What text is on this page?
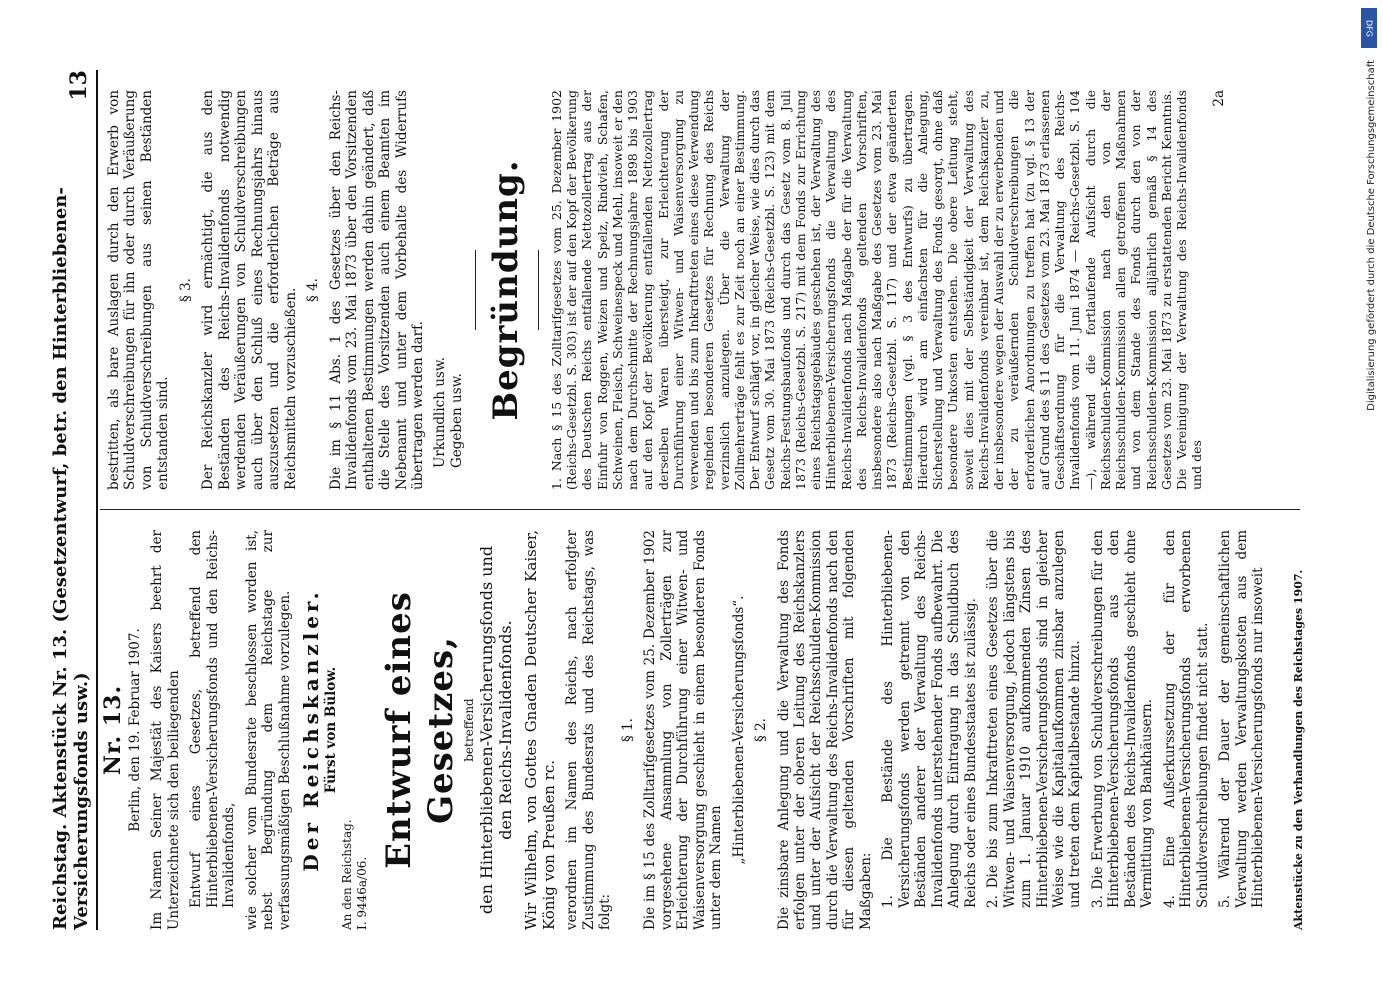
Reichstag. Aktenstück Nr. 13. (Gesetzentwurf, betr. den Hinterbliebenen-Versicherungsfonds usw.)
13
Nr. 13. Berlin, den 19. Februar 1907. Im Namen Seiner Majestät des Kaisers beehrt der Unterzeichnete sich den beiliegenden Entwurf eines Gesetzes, betreffend den Hinterbliebenen-Versicherungsfonds und den Reichs-Invalidenfonds, wie solcher vom Bundesrate beschlossen worden ist, nebst Begründung dem Reichstage zur verfassungsmäßigen Beschlußnahme vorzulegen. Der Reichskanzler. Fürst von Bülow.
An den Reichstag. I. 9446a/06.
Entwurf eines Gesetzes, betreffend den Hinterbliebenen-Versicherungsfonds und den Reichs-Invalidenfonds. Wir Wilhelm, von Gottes Gnaden Deutscher Kaiser, König von Preußen rc. verordnen im Namen des Reichs, nach erfolgter Zustimmung des Bundesrats und des Reichstags, was folgt:
§ 1. Die im § 15 des Zolltarifgesetzes vom 25. Dezember 1902 vorgesehene Ansammlung von Zollerträgen zur Erleichterung der Durchführung einer Witwen- und Waisenversorgung geschieht in einem besonderen Fonds unter dem Namen
„Hinterbliebenen-Versicherungsfonds“. § 2. Die zinsbare Anlegung und die Verwaltung des Fonds erfolgen unter der oberen Leitung des Reichskanzlers und unter der Aufsicht der Reichsschulden-Kommission durch die Verwaltung des Reichs-Invalidenfonds nach den für diesen geltenden Vorschriften mit folgenden Maßgaben: 1. Die Bestände des Hinterbliebenen-Versicherungsfonds werden getrennt von den Beständen anderer der Verwaltung des Reichs-Invalidenfonds unterstehender Fonds aufbewahrt. Die Anlegung durch Eintragung in das Schuldbuch des Reichs oder eines Bundesstaates ist zulässig. 2. Die bis zum Inkrafttreten eines Gesetzes über die Witwen- und Waisenversorgung, jedoch längstens bis zum 1. Januar 1910 aufkommenden Zinsen des Hinterbliebenen-Versicherungsfonds sind in gleicher Weise wie die Kapitalaufkommen zinsbar anzulegen und treten dem Kapitalbestande hinzu. 3. Die Erwerbung von Schuldverschreibungen für den Hinterbliebenen-Versicherungsfonds aus den Beständen des Reichs-Invalidenfonds geschieht ohne Vermittlung von Bankhäusern. 4. Eine Außerkurssetzung der für den Hinterbliebenen-Versicherungsfonds erworbenen Schuldverschreibungen findet nicht statt. 5. Während der Dauer der gemeinschaftlichen Verwaltung werden Verwaltungskosten aus dem Hinterbliebenen-Versicherungsfonds nur insoweit
bestritten, als bare Auslagen durch den Erwerb von Schuldverschreibungen für ihn oder durch Veräußerung von Schuldverschreibungen aus seinen Beständen entstanden sind.
§ 3. Der Reichskanzler wird ermächtigt, die aus den Beständen des Reichs-Invalidenfonds notwendig werdenden Veräußerungen von Schuldverschreibungen auch über den Schluß eines Rechnungsjahrs hinaus auszusetzen und die erforderlichen Beträge aus Reichsmitteln vorzuschießen. § 4. Die im § 11 Abs. 1 des Gesetzes über den Reichs-Invalidenfonds vom 23. Mai 1873 über den Vorsitzenden enthaltenen Bestimmungen werden dahin geändert, daß die Stelle des Vorsitzenden auch einem Beamten im Nebenamt und unter dem Vorbehalte des Widerrufs übertragen werden darf. Urkundlich usw. Gegeben usw. Begründung. 1. Nach § 15 des Zolltarifgesetzes vom 25. Dezember 1902 (Reichs-Gesetzbl. S. 303) ist der auf den Kopf der Bevölkerung des Deutschen Reichs entfallende Nettozollertrag aus der Einfuhr von Roggen, Weizen und Spelz, Rindvieh, Schafen, Schweinen, Fleisch, Schweinespeck und Mehl, insoweit er den nach dem Durchschnitte der Rechnungsjahre 1898 bis 1903 auf den Kopf der Bevölkerung entfallenden Nettozollertrag derselben Waren übersteigt, zur Erleichterung der Durchführung einer Witwen- und Waisenversorgung zu verwenden und bis zum Inkrafttreten eines diese Verwendung regelnden besonderen Gesetzes für Rechnung des Reichs verzinslich anzulegen. Über die Verwaltung der Zollmehrerträge fehlt es zur Zeit noch an einer Bestimmung. Der Entwurf schlägt vor, in gleicher Weise, wie dies durch das Gesetz vom 30. Mai 1873 (Reichs-Gesetzbl. S. 123) mit dem Reichs-Festungsbaufonds und durch das Gesetz vom 8. Juli 1873 (Reichs-Gesetzbl. S. 217) mit dem Fonds zur Errichtung eines Reichstagsgebäudes geschehen ist, der Verwaltung des Hinterbliebenen-Versicherungsfonds die Verwaltung des Reichs-Invalidenfonds nach Maßgabe der für die Verwaltung des Reichs-Invalidenfonds geltenden Vorschriften, insbesondere also nach Maßgabe des Gesetzes vom 23. Mai 1873 (Reichs-Gesetzbl. S. 117) und der etwa geänderten Bestimmungen (vgl. § 3 des Entwurfs) zu übertragen. Hierdurch wird am einfachsten für die Anlegung, Sicherstellung und Verwaltung des Fonds gesorgt, ohne daß besondere Unkosten entstehen. Die obere Leitung steht, soweit dies mit der Selbständigkeit der Verwaltung des Reichs-Invalidenfonds vereinbar ist, dem Reichskanzler zu, der insbesondere wegen der Auswahl der zu erwerbenden und der zu veräußernden Schuldverschreibungen die erforderlichen Anordnungen zu treffen hat (zu vgl. § 13 der auf Grund des § 11 des Gesetzes vom 23. Mai 1873 erlassenen Geschäftsordnung für die Verwaltung des Reichs-Invalidenfonds vom 11. Juni 1874 — Reichs-Gesetzbl. S. 104 —), während die fortlaufende Aufsicht durch die Reichsschulden-Kommission nach den von der Reichsschulden-Kommission allen getroffenen Maßnahmen und von dem Stande des Fonds durch den von der Reichsschulden-Kommission alljährlich gemäß § 14 des Gesetzes vom 23. Mai 1873 zu erstattenden Bericht Kenntnis. Die Vereinigung der Verwaltung des Reichs-Invalidenfonds und des
2a
Aktenstücke zu den Verhandlungen des Reichstages 1907.
DFG
Digitalisierung gefördert durch die Deutsche Forschungsgemeinschaft
